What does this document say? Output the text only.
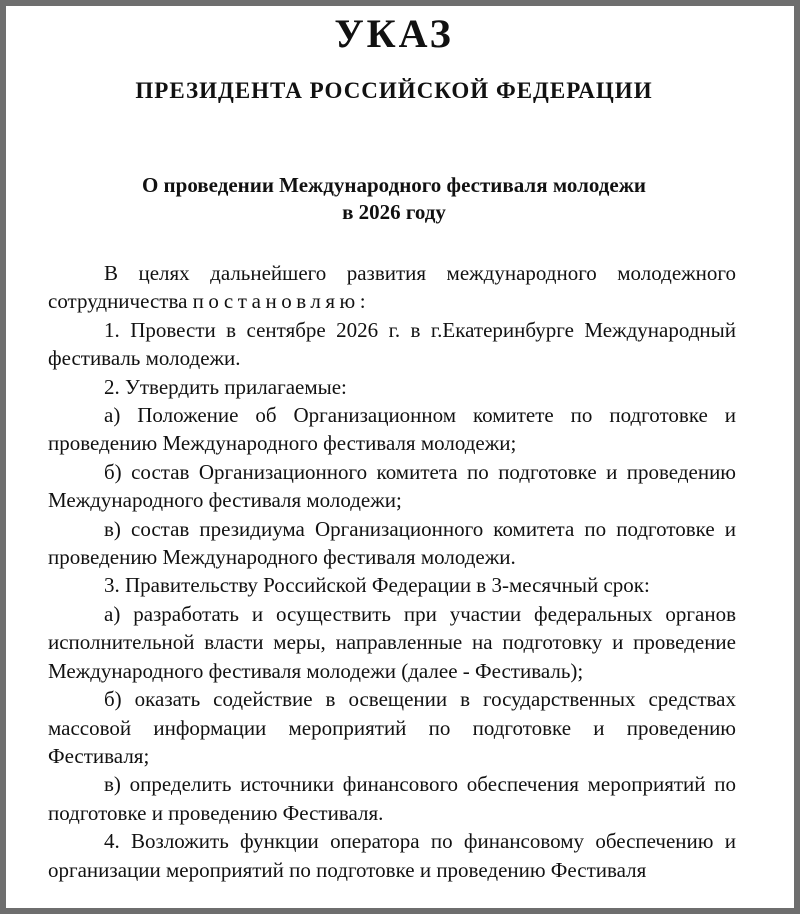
УКАЗ
ПРЕЗИДЕНТА РОССИЙСКОЙ ФЕДЕРАЦИИ
О проведении Международного фестиваля молодежи
в 2026 году

В целях дальнейшего развития международного молодежного сотрудничества постановляю:

1. Провести в сентябре 2026 г. в г.Екатеринбурге Международный фестиваль молодежи.

2. Утвердить прилагаемые:

а) Положение об Организационном комитете по подготовке и проведению Международного фестиваля молодежи;

б) состав Организационного комитета по подготовке и проведению Международного фестиваля молодежи;

в) состав президиума Организационного комитета по подготовке и проведению Международного фестиваля молодежи.

3. Правительству Российской Федерации в 3-месячный срок:

а) разработать и осуществить при участии федеральных органов исполнительной власти меры, направленные на подготовку и проведение Международного фестиваля молодежи (далее - Фестиваль);

б) оказать содействие в освещении в государственных средствах массовой информации мероприятий по подготовке и проведению Фестиваля;

в) определить источники финансового обеспечения мероприятий по подготовке и проведению Фестиваля.

4. Возложить функции оператора по финансовому обеспечению и организации мероприятий по подготовке и проведению Фестиваля
